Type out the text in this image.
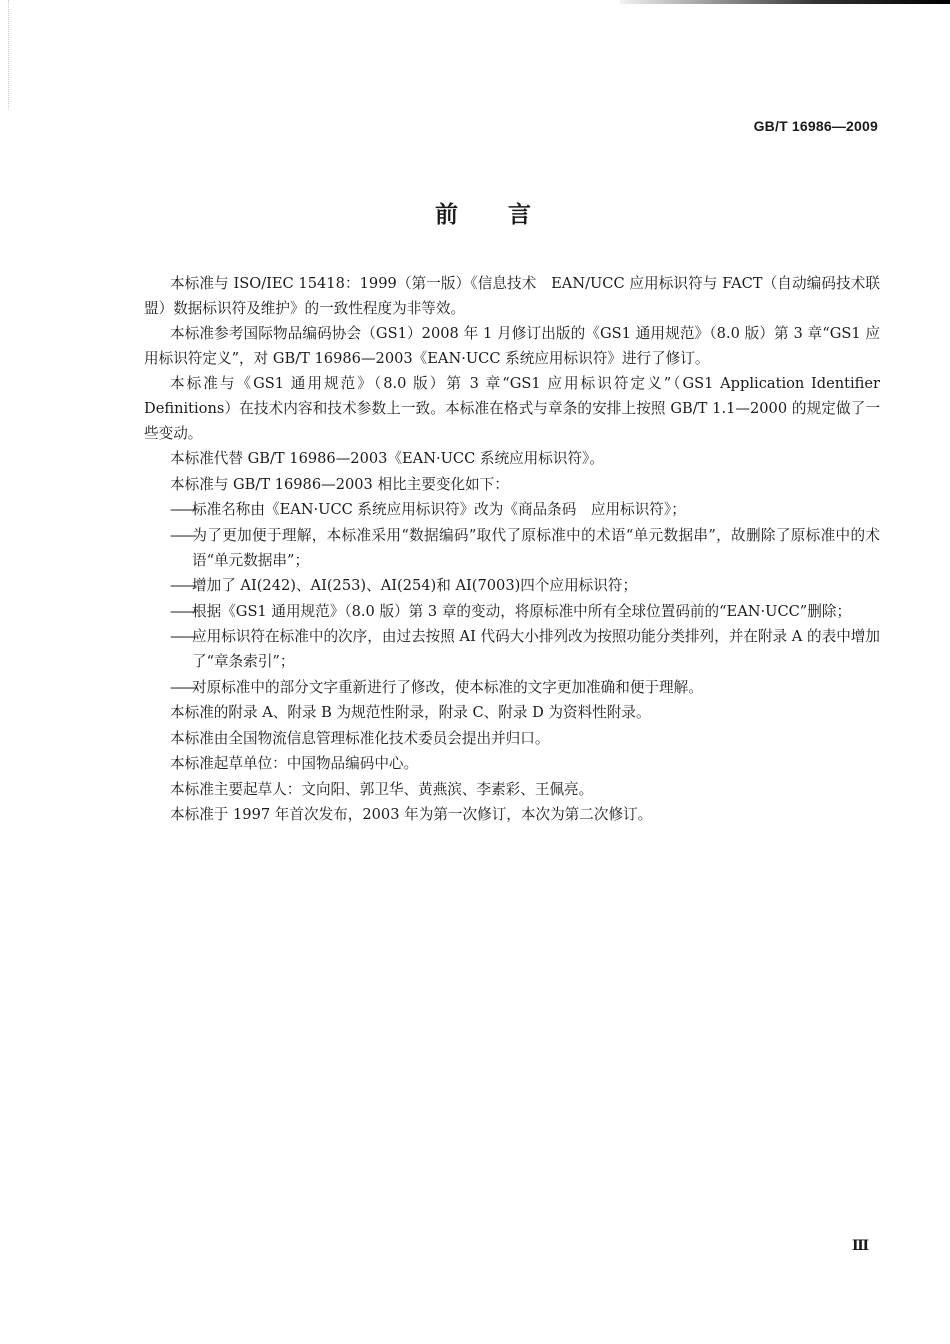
GB/T 16986—2009
前言

本标准与 ISO/IEC 15418：1999（第一版）《信息技术　EAN/UCC 应用标识符与 FACT（自动编码技术联盟）数据标识符及维护》的一致性程度为非等效。

本标准参考国际物品编码协会（GS1）2008 年 1 月修订出版的《GS1 通用规范》（8.0 版）第 3 章“GS1 应用标识符定义”，对 GB/T 16986—2003《EAN·UCC 系统应用标识符》进行了修订。

本标准与《GS1 通用规范》（8.0 版）第 3 章“GS1 应用标识符定义”（GS1 Application Identifier Definitions）在技术内容和技术参数上一致。本标准在格式与章条的安排上按照 GB/T 1.1—2000 的规定做了一些变动。

本标准代替 GB/T 16986—2003《EAN·UCC 系统应用标识符》。

本标准与 GB/T 16986—2003 相比主要变化如下：

——标准名称由《EAN·UCC 系统应用标识符》改为《商品条码　应用标识符》；

——为了更加便于理解，本标准采用“数据编码”取代了原标准中的术语“单元数据串”，故删除了原标准中的术语“单元数据串”；

——增加了 AI(242)、AI(253)、AI(254)和 AI(7003)四个应用标识符；

——根据《GS1 通用规范》（8.0 版）第 3 章的变动，将原标准中所有全球位置码前的“EAN·UCC”删除；

——应用标识符在标准中的次序，由过去按照 AI 代码大小排列改为按照功能分类排列，并在附录 A 的表中增加了“章条索引”；

——对原标准中的部分文字重新进行了修改，使本标准的文字更加准确和便于理解。

本标准的附录 A、附录 B 为规范性附录，附录 C、附录 D 为资料性附录。

本标准由全国物流信息管理标准化技术委员会提出并归口。

本标准起草单位：中国物品编码中心。

本标准主要起草人：文向阳、郭卫华、黄燕滨、李素彩、王佩亮。

本标准于 1997 年首次发布，2003 年为第一次修订，本次为第二次修订。

Ⅲ
